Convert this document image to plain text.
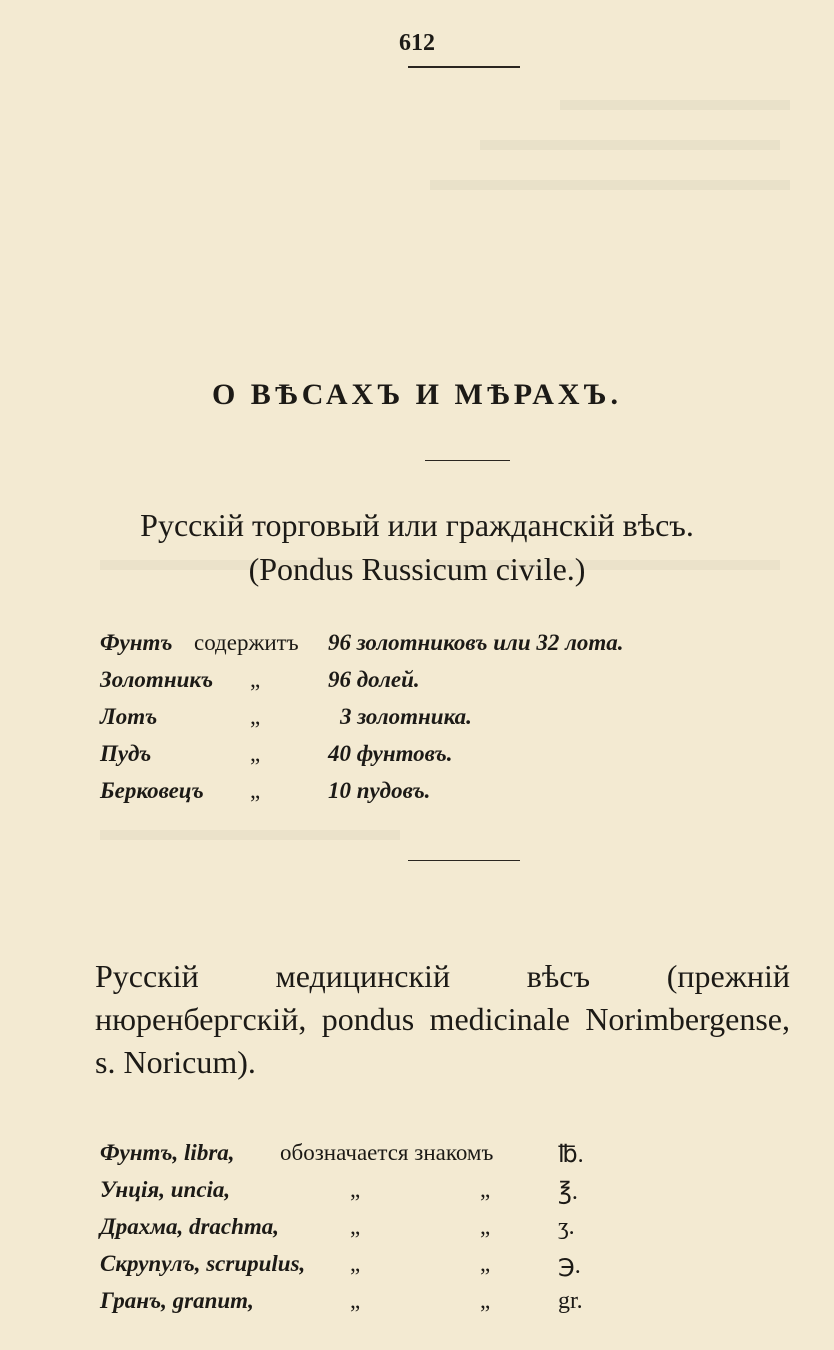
612
О ВѢСАХЪ И МѢРАХЪ.
Русскій торговый или гражданскій вѣсъ.
(Pondus Russicum civile.)
Фунтъ содержитъ 96 золотниковъ или 32 лота.
Золотникъ „	96 долей.
Лотъ	„	3 золотника.
Пудъ	„	40 фунтовъ.
Берковецъ „	10 пудовъ.
Русскій медицинскій вѣсъ (прежній нюренбергскій, pondus medicinale Norimbergense, s. Noricum).
Фунтъ, libra, обозначается знакомъ	℔.
Унція, uncia,	„	„	℥.
Драхма, drachma,	„	„	ʒ.
Скрупулъ, scrupulus, „	„	℈.
Гранъ, granum,	„	„	gr.
